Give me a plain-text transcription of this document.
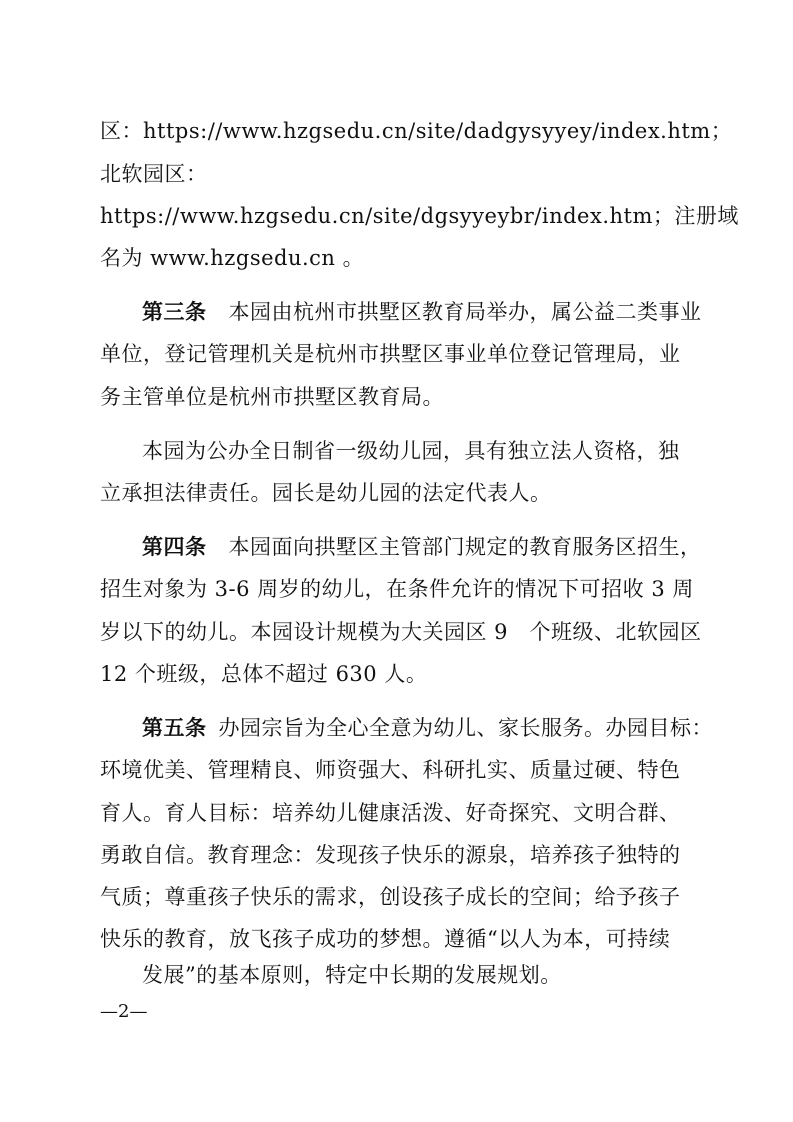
区：https://www.hzgsedu.cn/site/dadgysyyey/index.htm；
北软园区：
https://www.hzgsedu.cn/site/dgsyyeybr/index.htm；注册域
名为 www.hzgsedu.cn 。
第三条 本园由杭州市拱墅区教育局举办，属公益二类事业
单位，登记管理机关是杭州市拱墅区事业单位登记管理局，业
务主管单位是杭州市拱墅区教育局。
本园为公办全日制省一级幼儿园，具有独立法人资格，独
立承担法律责任。园长是幼儿园的法定代表人。
第四条 本园面向拱墅区主管部门规定的教育服务区招生，
招生对象为 3-6 周岁的幼儿，在条件允许的情况下可招收 3 周
岁以下的幼儿。本园设计规模为大关园区 9　个班级、北软园区
12 个班级，总体不超过 630 人。
第五条 办园宗旨为全心全意为幼儿、家长服务。办园目标：
环境优美、管理精良、师资强大、科研扎实、质量过硬、特色
育人。育人目标：培养幼儿健康活泼、好奇探究、文明合群、
勇敢自信。教育理念：发现孩子快乐的源泉，培养孩子独特的
气质；尊重孩子快乐的需求，创设孩子成长的空间；给予孩子
快乐的教育，放飞孩子成功的梦想。遵循“以人为本，可持续
发展”的基本原则，特定中长期的发展规划。
—2—
